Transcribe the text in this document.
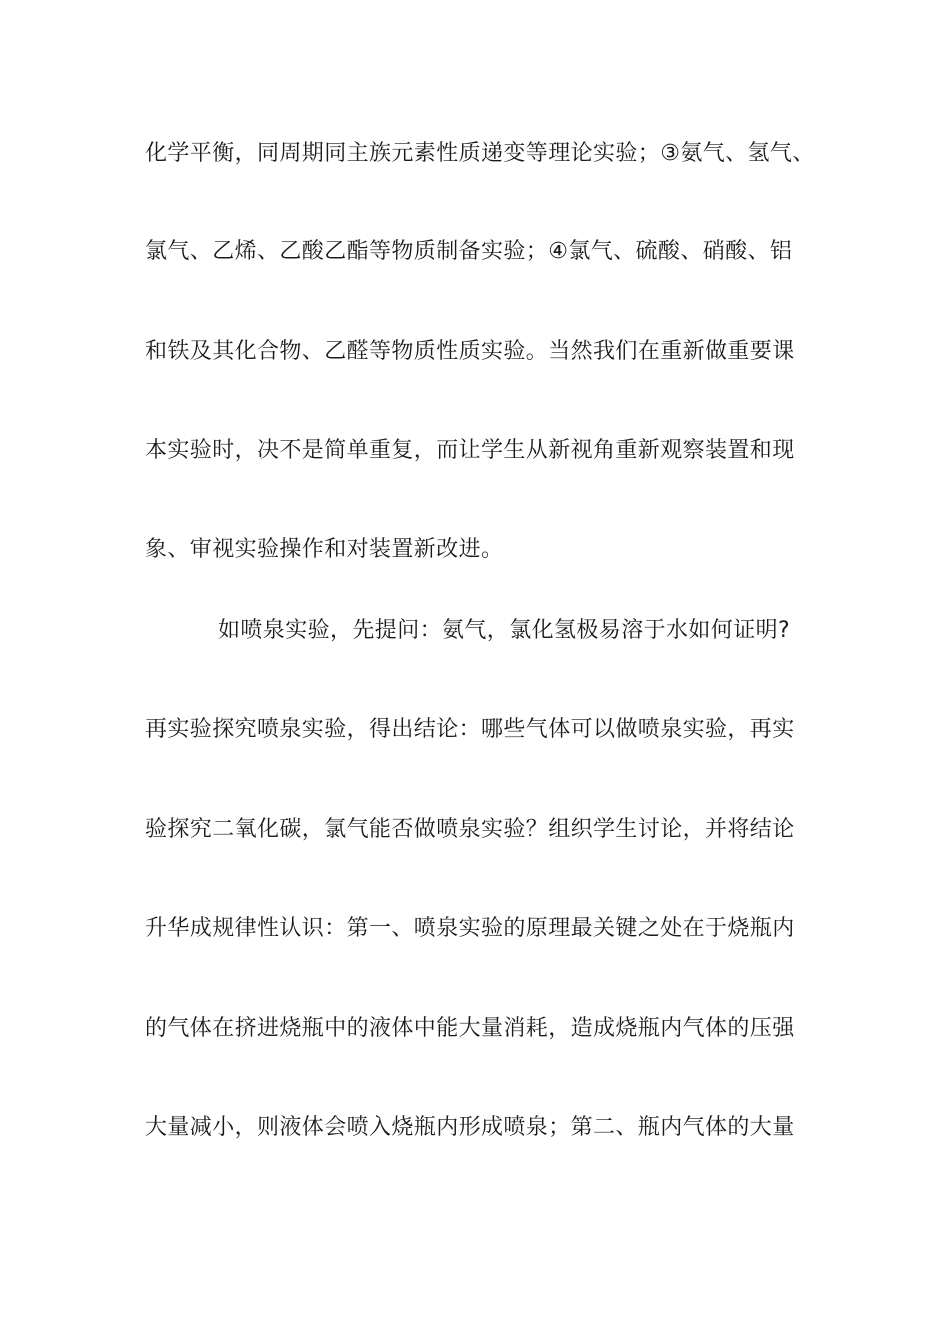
化学平衡，同周期同主族元素性质递变等理论实验；③氨气、氢气、
氯气、乙烯、乙酸乙酯等物质制备实验；④氯气、硫酸、硝酸、铝
和铁及其化合物、乙醛等物质性质实验。当然我们在重新做重要课
本实验时，决不是简单重复，而让学生从新视角重新观察装置和现
象、审视实验操作和对装置新改进。
如喷泉实验，先提问：氨气，氯化氢极易溶于水如何证明?
再实验探究喷泉实验，得出结论：哪些气体可以做喷泉实验，再实
验探究二氧化碳，氯气能否做喷泉实验？组织学生讨论，并将结论
升华成规律性认识：第一、喷泉实验的原理最关键之处在于烧瓶内
的气体在挤进烧瓶中的液体中能大量消耗，造成烧瓶内气体的压强
大量减小，则液体会喷入烧瓶内形成喷泉；第二、瓶内气体的大量
